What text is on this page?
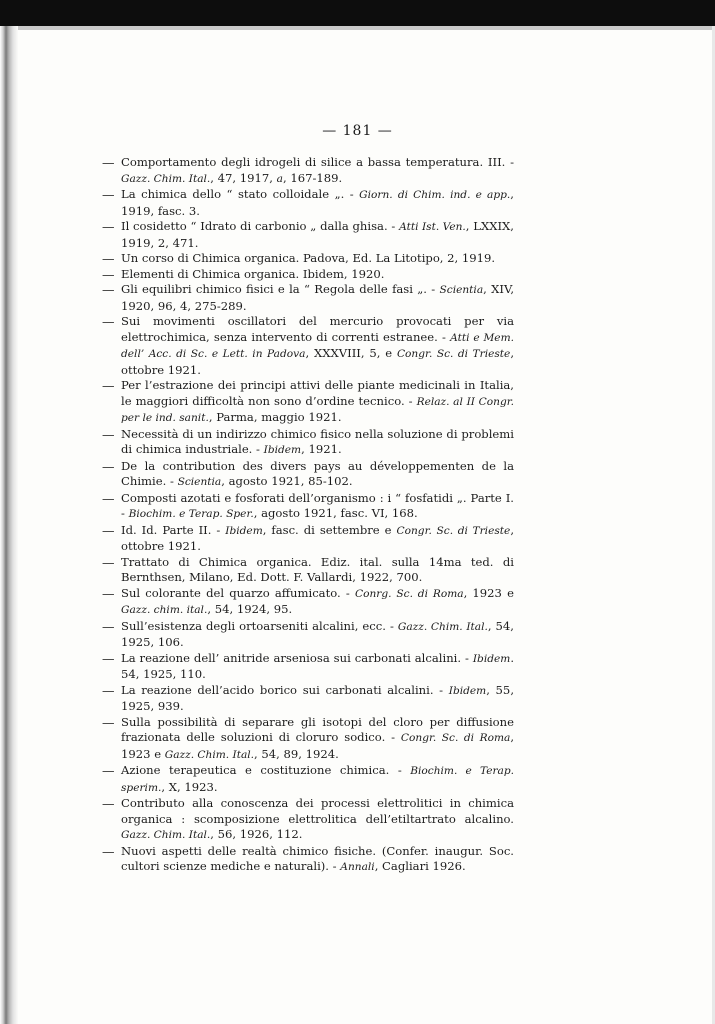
— 181 —
— Comportamento degli idrogeli di silice a bassa temperatura. III. - Gazz. Chim. Ital., 47, 1917, a, 167-189.
— La chimica dello “ stato colloidale „. - Giorn. di Chim. ind. e app., 1919, fasc. 3.
— Il cosidetto “ Idrato di carbonio „ dalla ghisa. - Atti Ist. Ven., LXXIX, 1919, 2, 471.
— Un corso di Chimica organica. Padova, Ed. La Litotipo, 2, 1919.
— Elementi di Chimica organica. Ibidem, 1920.
— Gli equilibri chimico fisici e la “ Regola delle fasi „. - Scientia, XIV, 1920, 96, 4, 275-289.
— Sui movimenti oscillatori del mercurio provocati per via elettrochimica, senza intervento di correnti estranee. - Atti e Mem. dell’ Acc. di Sc. e Lett. in Padova, XXXVIII, 5, e Congr. Sc. di Trieste, ottobre 1921.
— Per l’estrazione dei principi attivi delle piante medicinali in Italia, le maggiori difficoltà non sono d’ordine tecnico. - Relaz. al II Congr. per le ind. sanit., Parma, maggio 1921.
— Necessità di un indirizzo chimico fisico nella soluzione di problemi di chimica industriale. - Ibidem, 1921.
— De la contribution des divers pays au développementen de la Chimie. - Scientia, agosto 1921, 85-102.
— Composti azotati e fosforati dell’organismo : i “ fosfatidi „. Parte I. - Biochim. e Terap. Sper., agosto 1921, fasc. VI, 168.
— Id. Id. Parte II. - Ibidem, fasc. di settembre e Congr. Sc. di Trieste, ottobre 1921.
— Trattato di Chimica organica. Ediz. ital. sulla 14ma ted. di Bernthsen, Milano, Ed. Dott. F. Vallardi, 1922, 700.
— Sul colorante del quarzo affumicato. - Conrg. Sc. di Roma, 1923 e Gazz. chim. ital., 54, 1924, 95.
— Sull’esistenza degli ortoarseniti alcalini, ecc. - Gazz. Chim. Ital., 54, 1925, 106.
— La reazione dell’ anitride arseniosa sui carbonati alcalini. - Ibidem. 54, 1925, 110.
— La reazione dell’acido borico sui carbonati alcalini. - Ibidem, 55, 1925, 939.
— Sulla possibilità di separare gli isotopi del cloro per diffusione frazionata delle soluzioni di cloruro sodico. - Congr. Sc. di Roma, 1923 e Gazz. Chim. Ital., 54, 89, 1924.
— Azione terapeutica e costituzione chimica. - Biochim. e Terap. sperim., X, 1923.
— Contributo alla conoscenza dei processi elettrolitici in chimica organica : scomposizione elettrolitica dell’etiltartrato alcalino. Gazz. Chim. Ital., 56, 1926, 112.
— Nuovi aspetti delle realtà chimico fisiche. (Confer. inaugur. Soc. cultori scienze mediche e naturali). - Annali, Cagliari 1926.
